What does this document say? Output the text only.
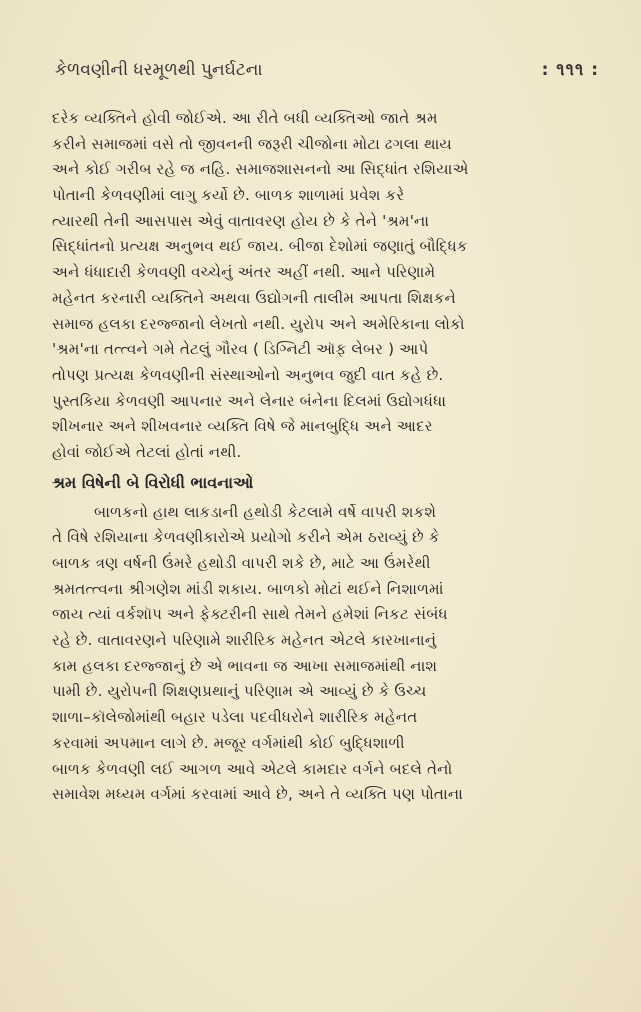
કેળવણીની ધરમૂળથી પુનર્ઘટના	: ૧૧૧ :
દરેક વ્યક્તિને હોવી જોઈએ. આ રીતે બધી વ્યક્તિઓ જાતે શ્રમ
કરીને સમાજમાં વસે તો જીવનની જરૂરી ચીજોના મોટા ઢગલા થાય
અને કોઈ ગરીબ રહે જ નહિ. સમાજશાસનનો આ સિદ્ધાંત રશિયાએ
પોતાની કેળવણીમાં લાગુ કર્યો છે. બાળક શાળામાં પ્રવેશ કરે
ત્યારથી તેની આસપાસ એવું વાતાવરણ હોય છે કે તેને 'શ્રમ'ના
સિદ્ધાંતનો પ્રત્યક્ષ અનુભવ થઈ જાય. બીજા દેશોમાં જણાતું બૌદ્ધિક
અને ધંધાદારી કેળવણી વચ્ચેનું અંતર અહીં નથી. આને પરિણામે
મહેનત કરનારી વ્યક્તિને અથવા ઉદ્યોગની તાલીમ આપતા શિક્ષકને
સમાજ હલકા દરજ્જાનો લેખતો નથી. યુરોપ અને અમેરિકાના લોકો
'શ્રમ'ના તત્ત્વને ગમે તેટલું ગૌરવ ( ડિગ્નિટી ઑફ લેબર ) આપે
તોપણ પ્રત્યક્ષ કેળવણીની સંસ્થાઓનો અનુભવ જુદી વાત કહે છે.
પુસ્તકિયા કેળવણી આપનાર અને લેનાર બંનેના દિલમાં ઉદ્યોગધંધા
શીખનાર અને શીખવનાર વ્યક્તિ વિષે જે માનબુદ્ધિ અને આદર
હોવાં જોઈએ તેટલાં હોતાં નથી.
શ્રમ વિષેની બે વિરોધી ભાવનાઓ
બાળકનો હાથ લાકડાની હથોડી કેટલામે વર્ષે વાપરી શકશે
તે વિષે રશિયાના કેળવણીકારોએ પ્રયોગો કરીને એમ ઠરાવ્યું છે કે
બાળક ત્રણ વર્ષની ઉંમરે હથોડી વાપરી શકે છે, માટે આ ઉંમરેથી
શ્રમતત્ત્વના શ્રીગણેશ માંડી શકાય. બાળકો મોટાં થઈને નિશાળમાં
જાય ત્યાં વર્કશૉપ અને ફેક્ટરીની સાથે તેમને હમેશાં નિકટ સંબંધ
રહે છે. વાતાવરણને પરિણામે શારીરિક મહેનત એટલે કારખાનાનું
કામ હલકા દરજ્જાનું છે એ ભાવના જ આખા સમાજમાંથી નાશ
પામી છે. યુરોપની શિક્ષણપ્રથાનું પરિણામ એ આવ્યું છે કે ઉચ્ચ
શાળા–કૉલેજોમાંથી બહાર પડેલા પદવીધરોને શારીરિક મહેનત
કરવામાં અપમાન લાગે છે. મજૂર વર્ગમાંથી કોઈ બુદ્ધિશાળી
બાળક કેળવણી લઈ આગળ આવે એટલે કામદાર વર્ગને બદલે તેનો
સમાવેશ મધ્યમ વર્ગમાં કરવામાં આવે છે, અને તે વ્યક્તિ પણ પોતાના
